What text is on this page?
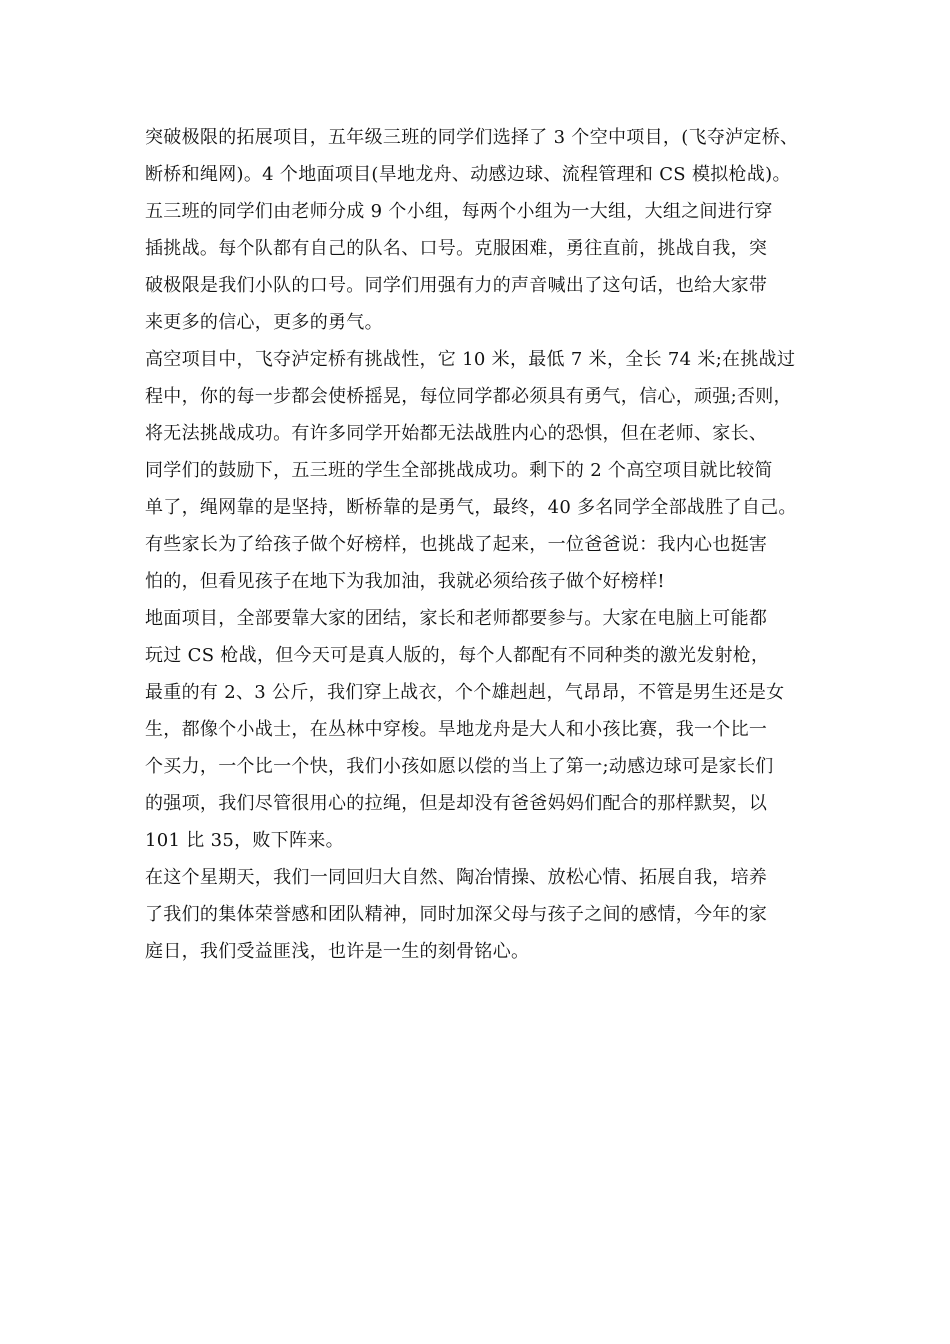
突破极限的拓展项目，五年级三班的同学们选择了 3 个空中项目，(飞夺泸定桥、
断桥和绳网)。4 个地面项目(旱地龙舟、动感边球、流程管理和 CS 模拟枪战)。

五三班的同学们由老师分成 9 个小组，每两个小组为一大组，大组之间进行穿
插挑战。每个队都有自己的队名、口号。克服困难，勇往直前，挑战自我，突
破极限是我们小队的口号。同学们用强有力的声音喊出了这句话，也给大家带
来更多的信心，更多的勇气。

高空项目中，飞夺泸定桥有挑战性，它 10 米，最低 7 米，全长 74 米;在挑战过
程中，你的每一步都会使桥摇晃，每位同学都必须具有勇气，信心，顽强;否则，
将无法挑战成功。有许多同学开始都无法战胜内心的恐惧，但在老师、家长、
同学们的鼓励下，五三班的学生全部挑战成功。剩下的 2 个高空项目就比较简
单了，绳网靠的是坚持，断桥靠的是勇气，最终，40 多名同学全部战胜了自己。
有些家长为了给孩子做个好榜样，也挑战了起来，一位爸爸说：我内心也挺害
怕的，但看见孩子在地下为我加油，我就必须给孩子做个好榜样!

地面项目，全部要靠大家的团结，家长和老师都要参与。大家在电脑上可能都
玩过 CS 枪战，但今天可是真人版的，每个人都配有不同种类的激光发射枪，
最重的有 2、3 公斤，我们穿上战衣，个个雄赳赳，气昂昂，不管是男生还是女
生，都像个小战士，在丛林中穿梭。旱地龙舟是大人和小孩比赛，我一个比一
个买力，一个比一个快，我们小孩如愿以偿的当上了第一;动感边球可是家长们
的强项，我们尽管很用心的拉绳，但是却没有爸爸妈妈们配合的那样默契，以
101 比 35，败下阵来。

在这个星期天，我们一同回归大自然、陶冶情操、放松心情、拓展自我，培养
了我们的集体荣誉感和团队精神，同时加深父母与孩子之间的感情，今年的家
庭日，我们受益匪浅，也许是一生的刻骨铭心。
